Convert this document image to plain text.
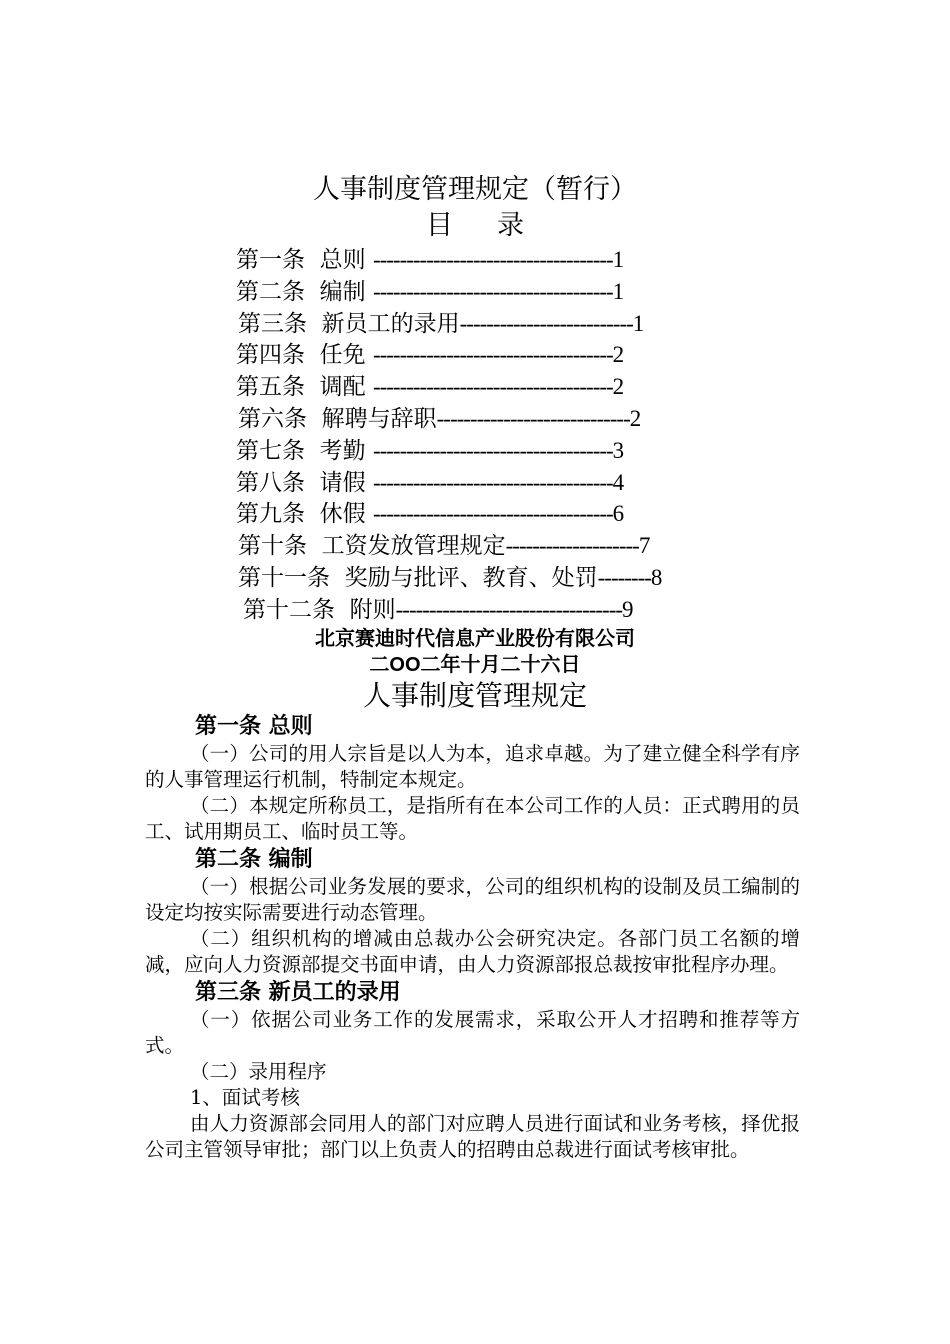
人事制度管理规定（暂行）
目 录
第一条  总则 ------------------------------------1
第二条  编制 ------------------------------------1
第三条  新员工的录用--------------------------1
第四条  任免 ------------------------------------2
第五条  调配 ------------------------------------2
第六条  解聘与辞职-----------------------------2
第七条  考勤 ------------------------------------3
第八条  请假 ------------------------------------4
第九条  休假 ------------------------------------6
第十条  工资发放管理规定--------------------7
第十一条  奖励与批评、教育、处罚--------8
第十二条  附则----------------------------------9
北京赛迪时代信息产业股份有限公司
二OO二年十月二十六日
人事制度管理规定
第一条 总则

（一）公司的用人宗旨是以人为本，追求卓越。为了建立健全科学有序的人事管理运行机制，特制定本规定。

（二）本规定所称员工，是指所有在本公司工作的人员：正式聘用的员工、试用期员工、临时员工等。

第二条 编制

（一）根据公司业务发展的要求，公司的组织机构的设制及员工编制的设定均按实际需要进行动态管理。

（二）组织机构的增减由总裁办公会研究决定。各部门员工名额的增减，应向人力资源部提交书面申请，由人力资源部报总裁按审批程序办理。

第三条 新员工的录用

（一）依据公司业务工作的发展需求，采取公开人才招聘和推荐等方式。

（二）录用程序

1、面试考核

由人力资源部会同用人的部门对应聘人员进行面试和业务考核，择优报公司主管领导审批；部门以上负责人的招聘由总裁进行面试考核审批。
